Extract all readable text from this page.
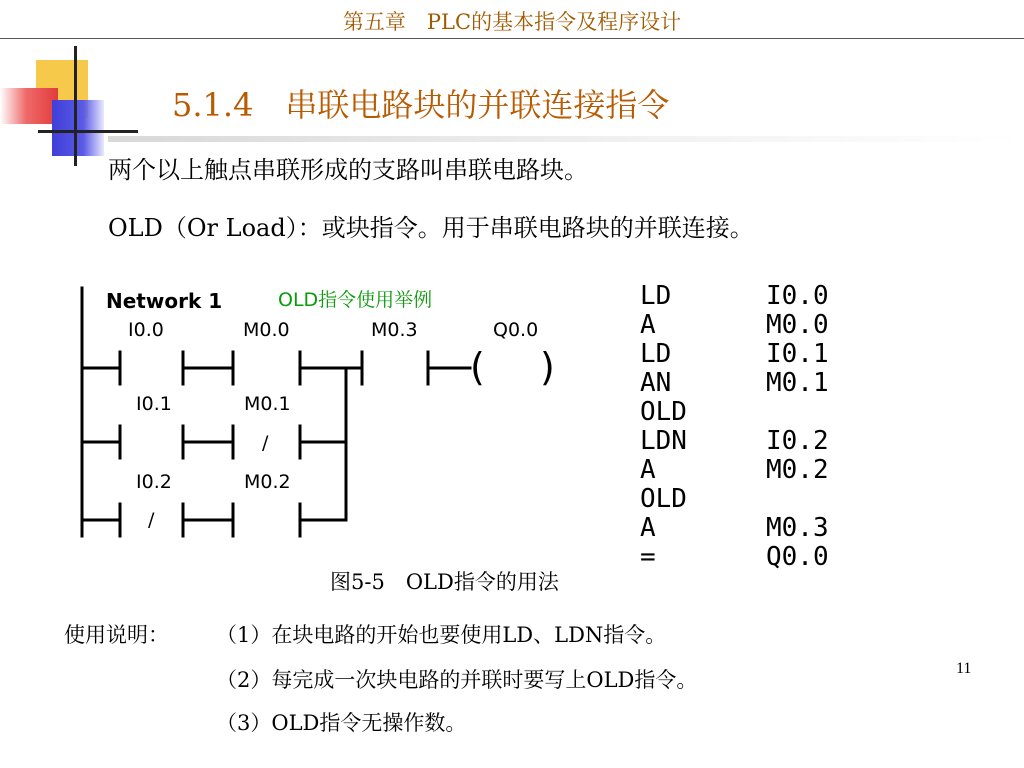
第五章　PLC的基本指令及程序设计
5.1.4　串联电路块的并联连接指令
两个以上触点串联形成的支路叫串联电路块。
OLD（Or Load）：或块指令。用于串联电路块的并联连接。
Network 1	OLD指令使用举例
I0.0	M0.0	M0.3	Q0.0
( )
I0.1	M0.1
/
I0.2	M0.2
/
LD	I0.0
A	M0.0
LD	I0.1
AN	M0.1
OLD
LDN	I0.2
A	M0.2
OLD
A	M0.3
=	Q0.0
图5-5　OLD指令的用法
使用说明： （1）在块电路的开始也要使用LD、LDN指令。
（2）每完成一次块电路的并联时要写上OLD指令。
（3）OLD指令无操作数。
11
